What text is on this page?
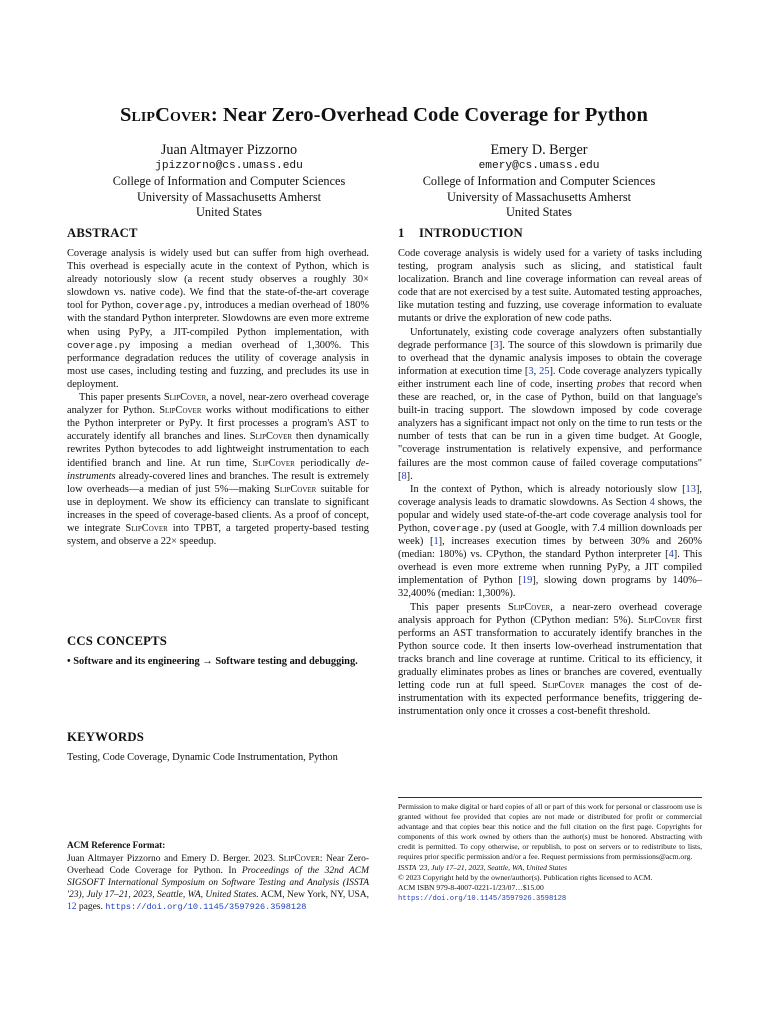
SlipCover: Near Zero-Overhead Code Coverage for Python
Juan Altmayer Pizzorno
jpizzorno@cs.umass.edu
College of Information and Computer Sciences
University of Massachusetts Amherst
United States
Emery D. Berger
emery@cs.umass.edu
College of Information and Computer Sciences
University of Massachusetts Amherst
United States
ABSTRACT

Coverage analysis is widely used but can suffer from high overhead. This overhead is especially acute in the context of Python, which is already notoriously slow (a recent study observes a roughly 30× slowdown vs. native code). We find that the state-of-the-art coverage tool for Python, coverage.py, introduces a median overhead of 180% with the standard Python interpreter. Slowdowns are even more extreme when using PyPy, a JIT-compiled Python implementation, with coverage.py imposing a median overhead of 1,300%. This performance degradation reduces the utility of coverage analysis in most use cases, including testing and fuzzing, and precludes its use in deployment.

This paper presents SlipCover, a novel, near-zero overhead coverage analyzer for Python. SlipCover works without modifications to either the Python interpreter or PyPy. It first processes a program's AST to accurately identify all branches and lines. SlipCover then dynamically rewrites Python bytecodes to add lightweight instrumentation to each identified branch and line. At run time, SlipCover periodically de-instruments already-covered lines and branches. The result is extremely low overheads—a median of just 5%—making SlipCover suitable for use in deployment. We show its efficiency can translate to significant increases in the speed of coverage-based clients. As a proof of concept, we integrate SlipCover into TPBT, a targeted property-based testing system, and observe a 22× speedup.

CCS CONCEPTS

• Software and its engineering → Software testing and debugging.

KEYWORDS

Testing, Code Coverage, Dynamic Code Instrumentation, Python

ACM Reference Format:
Juan Altmayer Pizzorno and Emery D. Berger. 2023. SlipCover: Near Zero-Overhead Code Coverage for Python. In Proceedings of the 32nd ACM SIGSOFT International Symposium on Software Testing and Analysis (ISSTA '23), July 17–21, 2023, Seattle, WA, United States. ACM, New York, NY, USA, 12 pages. https://doi.org/10.1145/3597926.3598128
1 INTRODUCTION

Code coverage analysis is widely used for a variety of tasks including testing, program analysis such as slicing, and statistical fault localization. Branch and line coverage information can reveal areas of code that are not exercised by a test suite. Automated testing approaches, like mutation testing and fuzzing, use coverage information to evaluate mutants or drive the exploration of new code paths.

Unfortunately, existing code coverage analyzers often substantially degrade performance [3]. The source of this slowdown is primarily due to overhead that the dynamic analysis imposes to obtain the coverage information at execution time [3, 25]. Code coverage analyzers typically either instrument each line of code, inserting probes that record when these are reached, or, in the case of Python, build on that language's built-in tracing support. The slowdown imposed by code coverage analyzers has a significant impact not only on the time to run tests or the number of tests that can be run in a given time budget. At Google, "coverage instrumentation is relatively expensive, and performance failures are the most common cause of failed coverage computations" [8].

In the context of Python, which is already notoriously slow [13], coverage analysis leads to dramatic slowdowns. As Section 4 shows, the popular and widely used state-of-the-art code coverage analysis tool for Python, coverage.py (used at Google, with 7.4 million downloads per week) [1], increases execution times by between 30% and 260% (median: 180%) vs. CPython, the standard Python interpreter [4]. This overhead is even more extreme when running PyPy, a JIT compiled implementation of Python [19], slowing down programs by 140%–32,400% (median: 1,300%).

This paper presents SlipCover, a near-zero overhead coverage analysis approach for Python (CPython median: 5%). SlipCover first performs an AST transformation to accurately identify branches in the Python source code. It then inserts low-overhead instrumentation that tracks branch and line coverage at runtime. Critical to its efficiency, it gradually eliminates probes as lines or branches are covered, eventually letting code run at full speed. SlipCover manages the cost of de-instrumentation with its expected performance benefits, triggering de-instrumentation only once it crosses a cost-benefit threshold.

Permission to make digital or hard copies of all or part of this work for personal or classroom use is granted without fee provided that copies are not made or distributed for profit or commercial advantage and that copies bear this notice and the full citation on the first page. Copyrights for components of this work owned by others than the author(s) must be honored. Abstracting with credit is permitted. To copy otherwise, or republish, to post on servers or to redistribute to lists, requires prior specific permission and/or a fee. Request permissions from permissions@acm.org.
ISSTA '23, July 17–21, 2023, Seattle, WA, United States
© 2023 Copyright held by the owner/author(s). Publication rights licensed to ACM.
ACM ISBN 979-8-4007-0221-1/23/07…$15.00
https://doi.org/10.1145/3597926.3598128
